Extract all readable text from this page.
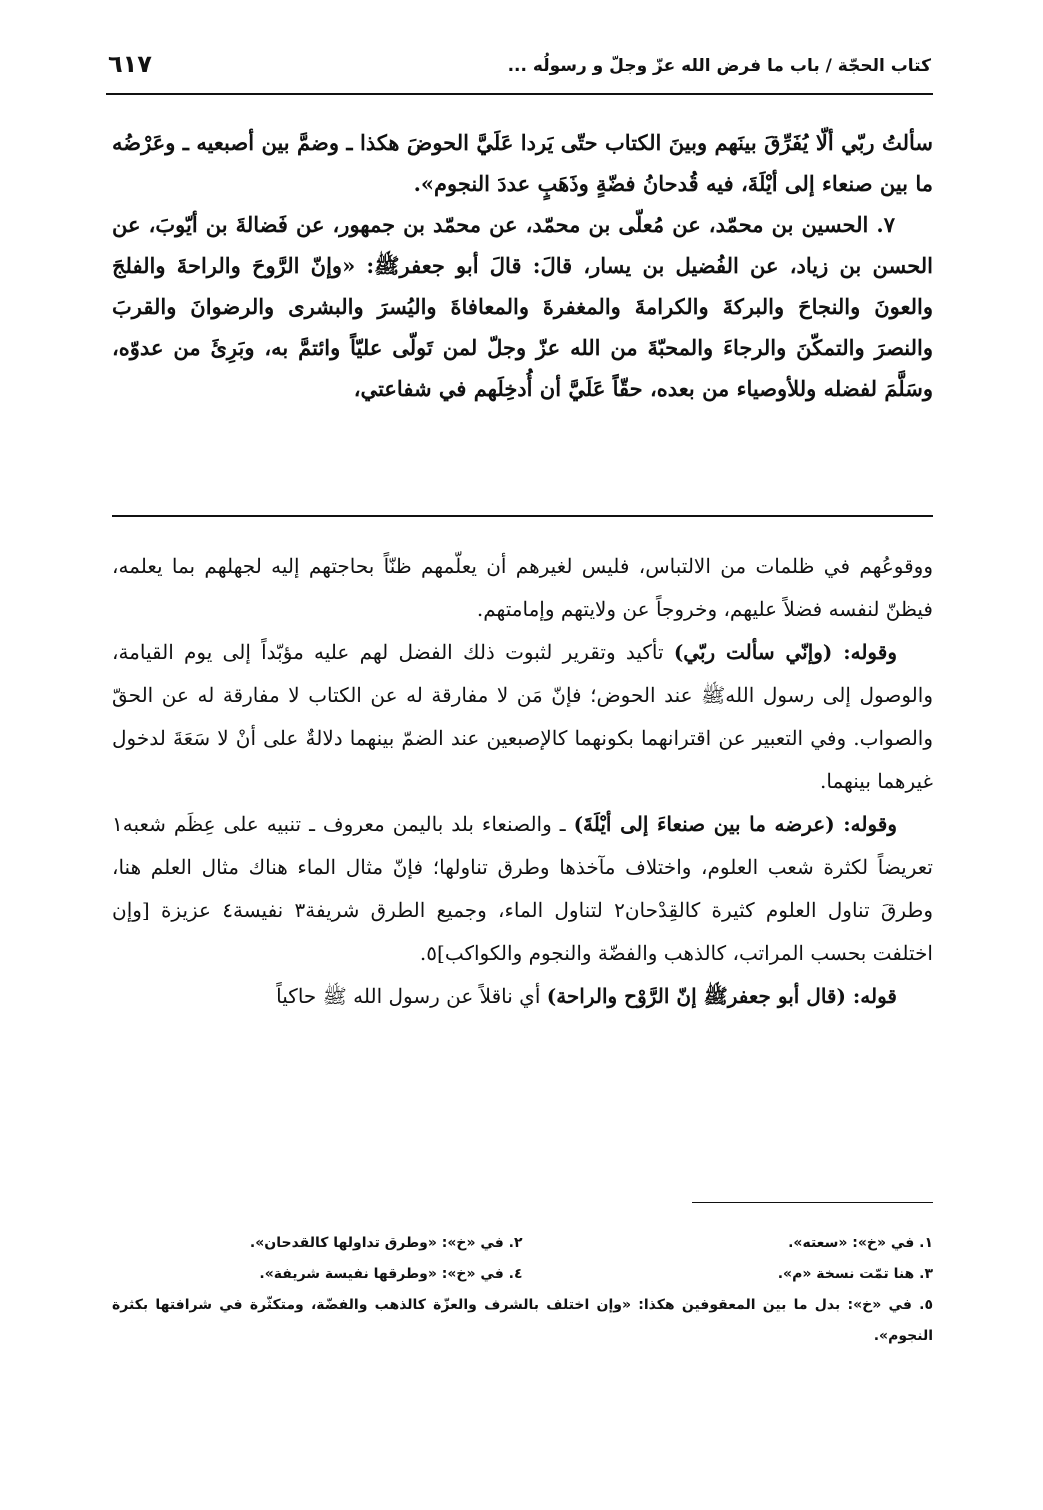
كتاب الحجّة / باب ما فرض الله عزّ وجلّ و رسولُه ...
٦١٧

سألتُ ربّي ألّا يُفَرِّقَ بينَهم وبينَ الكتاب حتّى يَردا عَلَيَّ الحوضَ هكذا ـ وضمَّ بين أصبعيه ـ وعَرْضُه ما بين صنعاء إلى أيْلَةَ، فيه قُدحانُ فضّةٍ وذَهَبٍ عددَ النجوم».

٧. الحسين بن محمّد، عن مُعلّى بن محمّد، عن محمّد بن جمهور، عن فَضالةَ بن أيّوبَ، عن الحسن بن زياد، عن الفُضيل بن يسار، قالَ: قالَ أبو جعفرﷺ: «وإنّ الرَّوحَ والراحةَ والفلجَ والعونَ والنجاحَ والبركةَ والكرامةَ والمغفرةَ والمعافاةَ واليُسرَ والبشرى والرضوانَ والقربَ والنصرَ والتمكّنَ والرجاءَ والمحبّةَ من الله عزّ وجلّ لمن تَولّى عليّاً وائتمَّ به، وبَرِئَ من عدوّه، وسَلَّمَ لفضله وللأوصياء من بعده، حقّاً عَلَيَّ أن أُدخِلَهم في شفاعتي،

ووقوعُهم في ظلمات من الالتباس، فليس لغيرهم أن يعلّمهم ظنّاً بحاجتهم إليه لجهلهم بما يعلمه، فيظنّ لنفسه فضلاً عليهم، وخروجاً عن ولايتهم وإمامتهم.

وقوله: (وإنّي سألت ربّي) تأكيد وتقرير لثبوت ذلك الفضل لهم عليه مؤبّداً إلى يوم القيامة، والوصول إلى رسول اللهﷺ عند الحوض؛ فإنّ مَن لا مفارقة له عن الكتاب لا مفارقة له عن الحقّ والصواب. وفي التعبير عن اقترانهما بكونهما كالإصبعين عند الضمّ بينهما دلالةٌ على أنْ لا سَعَةَ لدخول غيرهما بينهما.

وقوله: (عرضه ما بين صنعاءَ إلى أيْلَةَ) ـ والصنعاء بلد باليمن معروف ـ تنبيه على عِظَم شعبه١ تعريضاً لكثرة شعب العلوم، واختلاف مآخذها وطرق تناولها؛ فإنّ مثال الماء هناك مثال العلم هنا، وطرقَ تناول العلوم كثيرة كالقِدْحان٢ لتناول الماء، وجميع الطرق شريفة٣ نفيسة٤ عزيزة [وإن اختلفت بحسب المراتب، كالذهب والفضّة والنجوم والكواكب]٥.

قوله: (قال أبو جعفرﷺ إنّ الرَّوْح والراحة) أي ناقلاً عن رسول الله ﷺ حاكياً

١. في «خ»: «سعته».
٢. في «خ»: «وطرق تداولها كالقدحان».
٣. هنا تمّت نسخة «م».
٤. في «خ»: «وطرقها نفيسة شريفة».
٥. في «خ»: بدل ما بين المعقوفين هكذا: «وإن اختلف بالشرف والعزّة كالذهب والفضّة، ومتكثّرة في شرافتها بكثرة النجوم».
